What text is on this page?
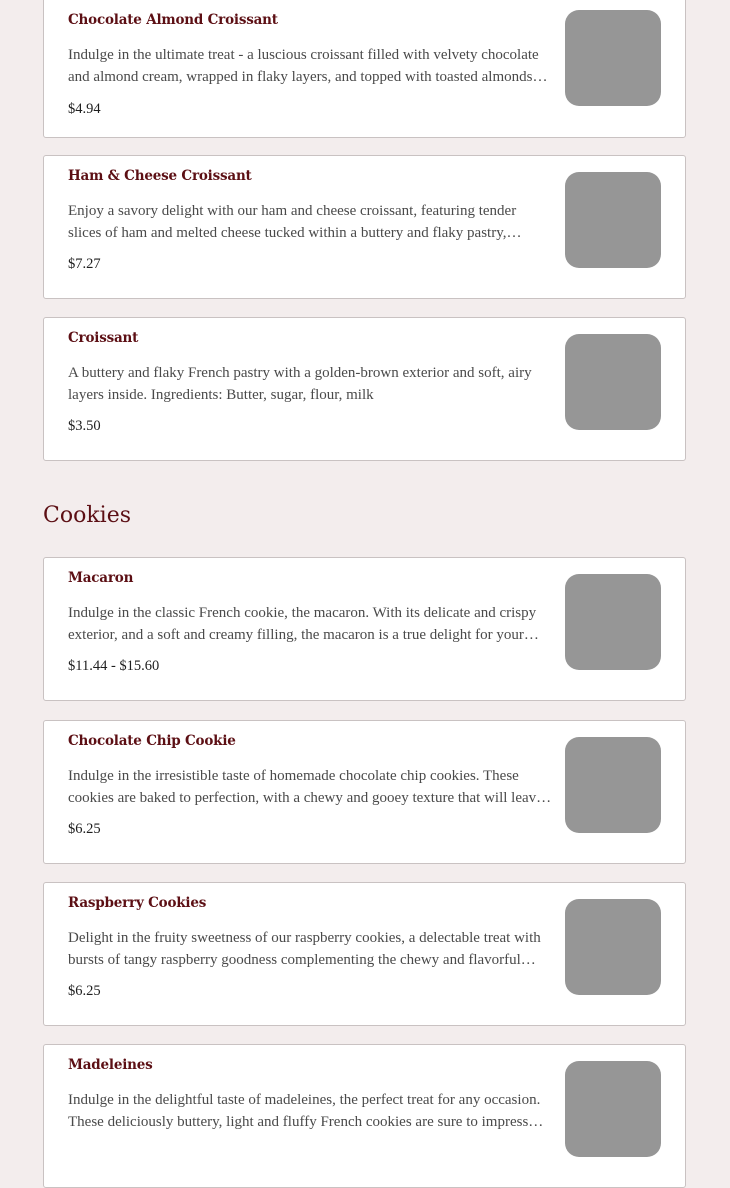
Chocolate Almond Croissant
Indulge in the ultimate treat - a luscious croissant filled with velvety chocolate and almond cream, wrapped in flaky layers, and topped with toasted almonds…
$4.94
Ham & Cheese Croissant
Enjoy a savory delight with our ham and cheese croissant, featuring tender slices of ham and melted cheese tucked within a buttery and flaky pastry,…
$7.27
Croissant
A buttery and flaky French pastry with a golden-brown exterior and soft, airy layers inside. Ingredients: Butter, sugar, flour, milk
$3.50
Cookies
Macaron
Indulge in the classic French cookie, the macaron. With its delicate and crispy exterior, and a soft and creamy filling, the macaron is a true delight for your…
$11.44 - $15.60
Chocolate Chip Cookie
Indulge in the irresistible taste of homemade chocolate chip cookies. These cookies are baked to perfection, with a chewy and gooey texture that will leav…
$6.25
Raspberry Cookies
Delight in the fruity sweetness of our raspberry cookies, a delectable treat with bursts of tangy raspberry goodness complementing the chewy and flavorful…
$6.25
Madeleines
Indulge in the delightful taste of madeleines, the perfect treat for any occasion. These deliciously buttery, light and fluffy French cookies are sure to impress…
